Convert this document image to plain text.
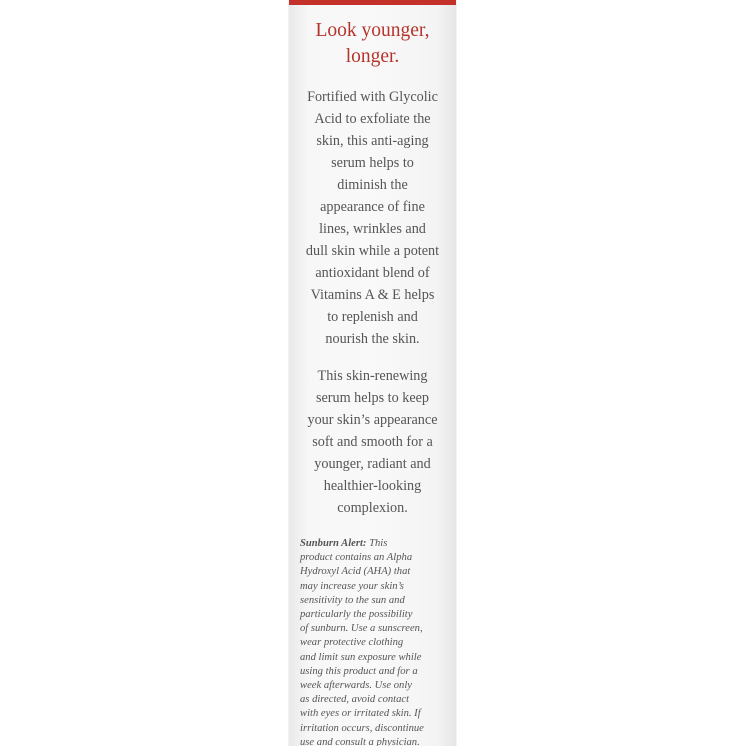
Look younger,
longer.
Fortified with Glycolic
Acid to exfoliate the
skin, this anti-aging
serum helps to
diminish the
appearance of fine
lines, wrinkles and
dull skin while a potent
antioxidant blend of
Vitamins A & E helps
to replenish and
nourish the skin.
This skin-renewing
serum helps to keep
your skin’s appearance
soft and smooth for a
younger, radiant and
healthier-looking
complexion.
Sunburn Alert: This
product contains an Alpha
Hydroxyl Acid (AHA) that
may increase your skin’s
sensitivity to the sun and
particularly the possibility
of sunburn. Use a sunscreen,
wear protective clothing
and limit sun exposure while
using this product and for a
week afterwards. Use only
as directed, avoid contact
with eyes or irritated skin. If
irritation occurs, discontinue
use and consult a physician.
